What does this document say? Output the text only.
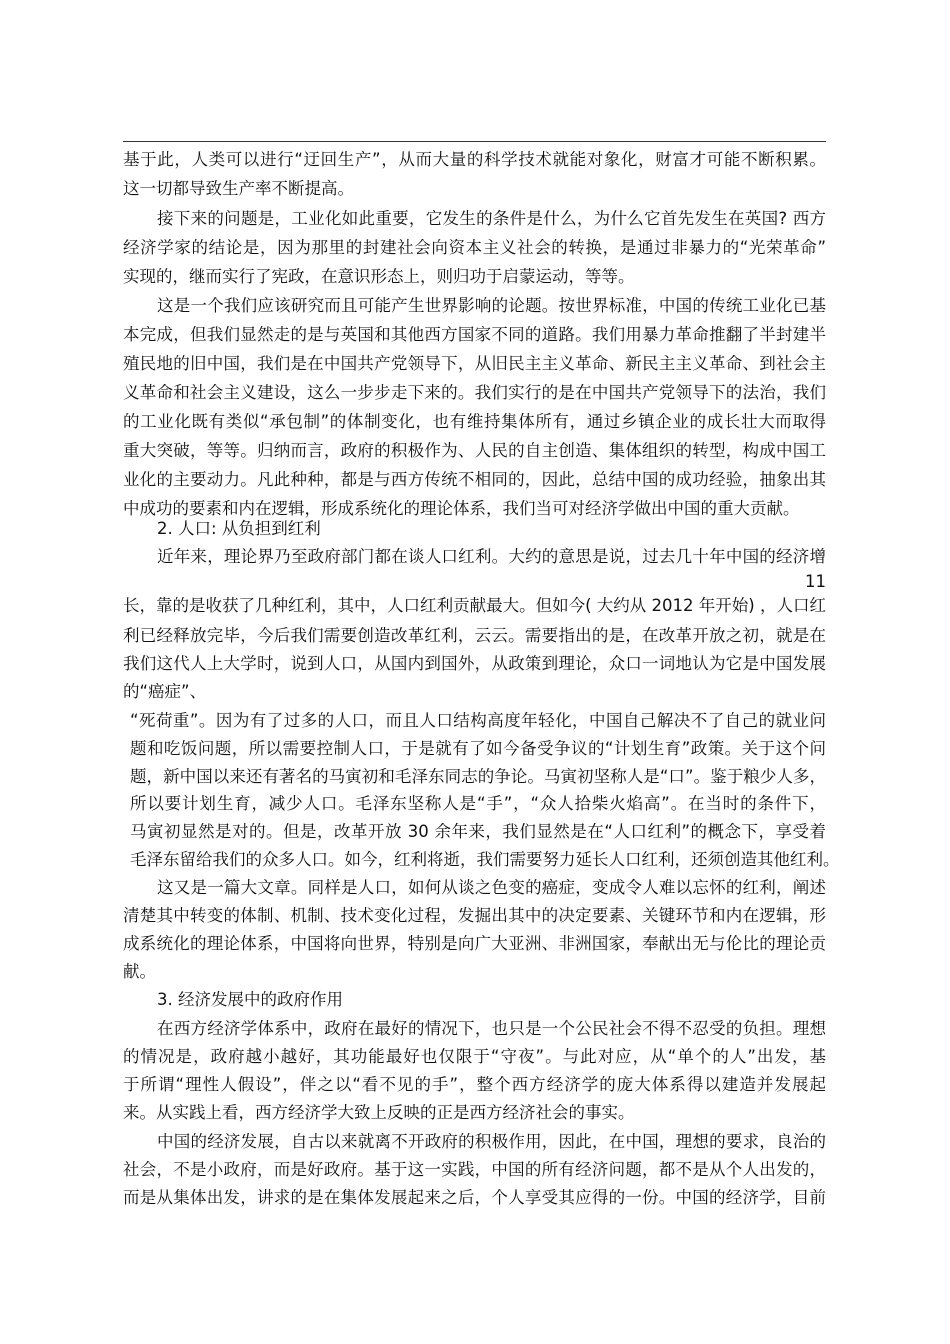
基于此，人类可以进行“迂回生产”，从而大量的科学技术就能对象化，财富才可能不断积累。
这一切都导致生产率不断提高。
接下来的问题是，工业化如此重要，它发生的条件是什么，为什么它首先发生在英国? 西方
经济学家的结论是，因为那里的封建社会向资本主义社会的转换，是通过非暴力的“光荣革命”
实现的，继而实行了宪政，在意识形态上，则归功于启蒙运动，等等。
这是一个我们应该研究而且可能产生世界影响的论题。按世界标准，中国的传统工业化已基
本完成，但我们显然走的是与英国和其他西方国家不同的道路。我们用暴力革命推翻了半封建半
殖民地的旧中国，我们是在中国共产党领导下，从旧民主主义革命、新民主主义革命、到社会主
义革命和社会主义建设，这么一步步走下来的。我们实行的是在中国共产党领导下的法治，我们
的工业化既有类似“承包制”的体制变化，也有维持集体所有，通过乡镇企业的成长壮大而取得
重大突破，等等。归纳而言，政府的积极作为、人民的自主创造、集体组织的转型，构成中国工
业化的主要动力。凡此种种，都是与西方传统不相同的，因此，总结中国的成功经验，抽象出其
中成功的要素和内在逻辑，形成系统化的理论体系，我们当可对经济学做出中国的重大贡献。
2. 人口: 从负担到红利
近年来，理论界乃至政府部门都在谈人口红利。大约的意思是说，过去几十年中国的经济增
11
长，靠的是收获了几种红利，其中，人口红利贡献最大。但如今( 大约从 2012 年开始) ，人口红
利已经释放完毕，今后我们需要创造改革红利，云云。需要指出的是，在改革开放之初，就是在
我们这代人上大学时，说到人口，从国内到国外，从政策到理论，众口一词地认为它是中国发展
的“癌症”、
“死荷重”。因为有了过多的人口，而且人口结构高度年轻化，中国自己解决不了自己的就业问
题和吃饭问题，所以需要控制人口，于是就有了如今备受争议的“计划生育”政策。关于这个问
题，新中国以来还有著名的马寅初和毛泽东同志的争论。马寅初坚称人是“口”。鉴于粮少人多，
所以要计划生育，减少人口。毛泽东坚称人是“手”，“众人拾柴火焰高”。在当时的条件下，
马寅初显然是对的。但是，改革开放 30 余年来，我们显然是在“人口红利”的概念下，享受着
毛泽东留给我们的众多人口。如今，红利将逝，我们需要努力延长人口红利，还须创造其他红利。
这又是一篇大文章。同样是人口，如何从谈之色变的癌症，变成令人难以忘怀的红利，阐述
清楚其中转变的体制、机制、技术变化过程，发掘出其中的决定要素、关键环节和内在逻辑，形
成系统化的理论体系，中国将向世界，特别是向广大亚洲、非洲国家，奉献出无与伦比的理论贡
献。
3. 经济发展中的政府作用
在西方经济学体系中，政府在最好的情况下，也只是一个公民社会不得不忍受的负担。理想
的情况是，政府越小越好，其功能最好也仅限于“守夜”。与此对应，从“单个的人”出发，基
于所谓“理性人假设”，伴之以“看不见的手”，整个西方经济学的庞大体系得以建造并发展起
来。从实践上看，西方经济学大致上反映的正是西方经济社会的事实。
中国的经济发展，自古以来就离不开政府的积极作用，因此，在中国，理想的要求，良治的
社会，不是小政府，而是好政府。基于这一实践，中国的所有经济问题，都不是从个人出发的，
而是从集体出发，讲求的是在集体发展起来之后，个人享受其应得的一份。中国的经济学，目前
